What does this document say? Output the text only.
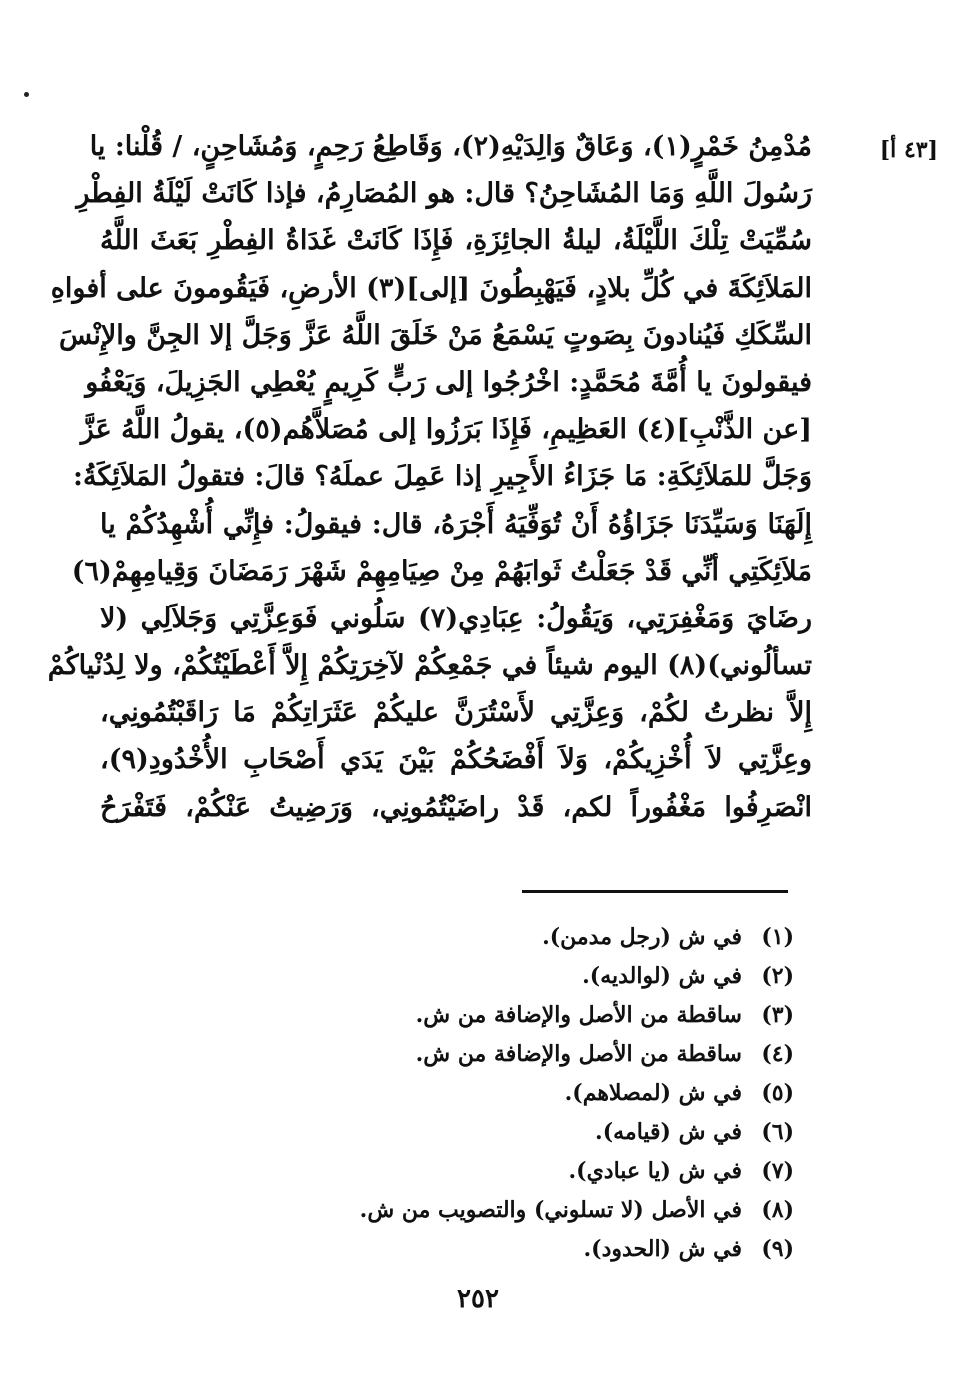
[٤٣ أ]
مُدْمِنُ خَمْرٍ(١)، وَعَاقٌ وَالِدَيْهِ(٢)، وَقَاطِعُ رَحِمٍ، وَمُشَاحِنٍ، / قُلْنا: يا
رَسُولَ اللَّهِ وَمَا المُشَاحِنُ؟ قال: هو المُصَارِمُ، فإذا كَانَتْ لَيْلَةُ الفِطْرِ
سُمِّيَتْ تِلْكَ اللَّيْلَةُ، ليلةُ الجائِزَةِ، فَإِذَا كَانَتْ غَدَاةُ الفِطْرِ بَعَثَ اللَّهُ
المَلاَئِكَةَ في كُلِّ بلادٍ، فَيَهْبِطُونَ [إلى](٣) الأرضِ، فَيَقُومونَ على أفواهِ
السِّكَكِ فَيُنادونَ بِصَوتٍ يَسْمَعُ مَنْ خَلَقَ اللَّهُ عَزَّ وَجَلَّ إلا الجِنَّ والإِنْسَ
فيقولونَ يا أُمَّةَ مُحَمَّدٍ: اخْرُجُوا إلى رَبٍّ كَرِيمٍ يُعْطِي الجَزِيلَ، وَيَعْفُو
[عن الذَّنْبِ](٤) العَظِيمِ، فَإِذَا بَرَزُوا إلى مُصَلاَّهُم(٥)، يقولُ اللَّهُ عَزَّ
وَجَلَّ للمَلاَئِكَةِ: مَا جَزَاءُ الأَجِيرِ إذا عَمِلَ عملَهُ؟ قالَ: فتقولُ المَلاَئِكَةُ:
إِلَهَنَا وَسَيِّدَنَا جَزَاؤُهُ أَنْ تُوَفِّيَهُ أَجْرَهُ، قال: فيقولُ: فإِنِّي أُشْهِدُكُمْ يا
مَلاَئِكَتِي أنِّي قَدْ جَعَلْتُ ثَوابَهُمْ مِنْ صِيَامِهِمْ شَهْرَ رَمَضَانَ وَقِيامِهِمْ(٦)
رضَايَ وَمَغْفِرَتِي، وَيَقُولُ: عِبَادِي(٧) سَلُوني فَوَعِزَّتِي وَجَلاَلِي (لا
تسألُوني)(٨) اليوم شيئاً في جَمْعِكُمْ لآخِرَتِكُمْ إِلاَّ أَعْطَيْتُكُمْ، ولا لِدُنْياكُمْ
إِلاَّ نظرتُ لكُمْ، وَعِزَّتِي لأَسْتُرَنَّ عليكُمْ عَثَرَاتِكُمْ مَا رَاقَبْتُمُونِي،
وعِزَّتِي لاَ أُخْزِيكُمْ، وَلاَ أَفْضَحُكُمْ بَيْنَ يَدَي أَصْحَابِ الأُخْدُودِ(٩)،
انْصَرِفُوا مَغْفُوراً لكم، قَدْ راضَيْتُمُونِي، وَرَضِيتُ عَنْكُمْ، فَتَفْرَحُ
(١)
في ش (رجل مدمن).
(٢)
في ش (لوالديه).
(٣)
ساقطة من الأصل والإضافة من ش.
(٤)
ساقطة من الأصل والإضافة من ش.
(٥)
في ش (لمصلاهم).
(٦)
في ش (قيامه).
(٧)
في ش (يا عبادي).
(٨)
في الأصل (لا تسلوني) والتصويب من ش.
(٩)
في ش (الحدود).
٢٥٢
